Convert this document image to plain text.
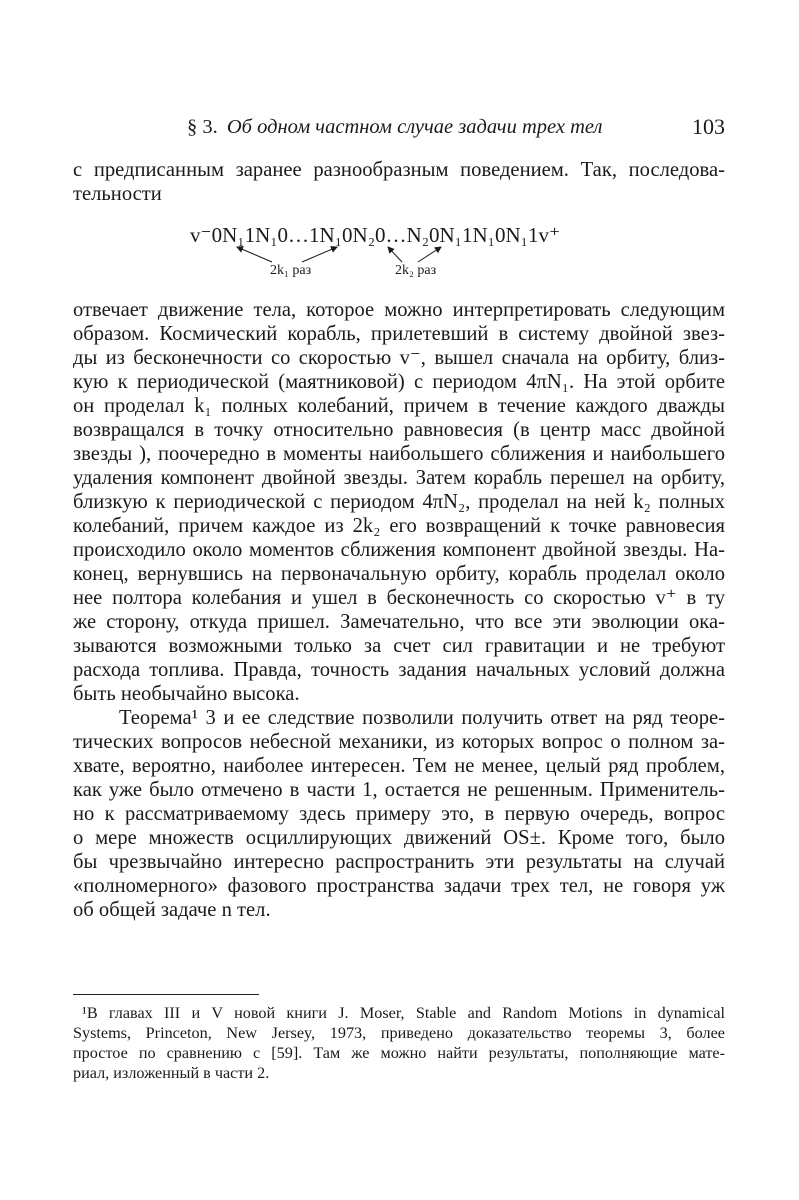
§ 3. Об одном частном случае задачи трех тел	103
с предписанным заранее разнообразным поведением. Так, последова-
тельности
v⁻0N₁1N₁0…1N₁0N₂0…N₂0N₁1N₁0N₁1v⁺
2k₁ раз	2k₂ раз
отвечает движение тела, которое можно интерпретировать следующим
образом. Космический корабль, прилетевший в систему двойной звез-
ды из бесконечности со скоростью v⁻, вышел сначала на орбиту, близ-
кую к периодической (маятниковой) с периодом 4πN₁. На этой орбите
он проделал k₁ полных колебаний, причем в течение каждого дважды
возвращался в точку относительно равновесия (в центр масс двойной
звезды ), поочередно в моменты наибольшего сближения и наибольшего
удаления компонент двойной звезды. Затем корабль перешел на орбиту,
близкую к периодической с периодом 4πN₂, проделал на ней k₂ полных
колебаний, причем каждое из 2k₂ его возвращений к точке равновесия
происходило около моментов сближения компонент двойной звезды. На-
конец, вернувшись на первоначальную орбиту, корабль проделал около
нее полтора колебания и ушел в бесконечность со скоростью v⁺ в ту
же сторону, откуда пришел. Замечательно, что все эти эволюции ока-
зываются возможными только за счет сил гравитации и не требуют
расхода топлива. Правда, точность задания начальных условий должна
быть необычайно высока.
Теорема¹ 3 и ее следствие позволили получить ответ на ряд теоре-
тических вопросов небесной механики, из которых вопрос о полном за-
хвате, вероятно, наиболее интересен. Тем не менее, целый ряд проблем,
как уже было отмечено в части 1, остается не решенным. Применитель-
но к рассматриваемому здесь примеру это, в первую очередь, вопрос
о мере множеств осциллирующих движений OS±. Кроме того, было
бы чрезвычайно интересно распространить эти результаты на случай
«полномерного» фазового пространства задачи трех тел, не говоря уж
об общей задаче n тел.
¹В главах III и V новой книги J. Moser, Stable and Random Motions in dynamical
Systems, Princeton, New Jersey, 1973, приведено доказательство теоремы 3, более
простое по сравнению с [59]. Там же можно найти результаты, пополняющие мате-
риал, изложенный в части 2.
